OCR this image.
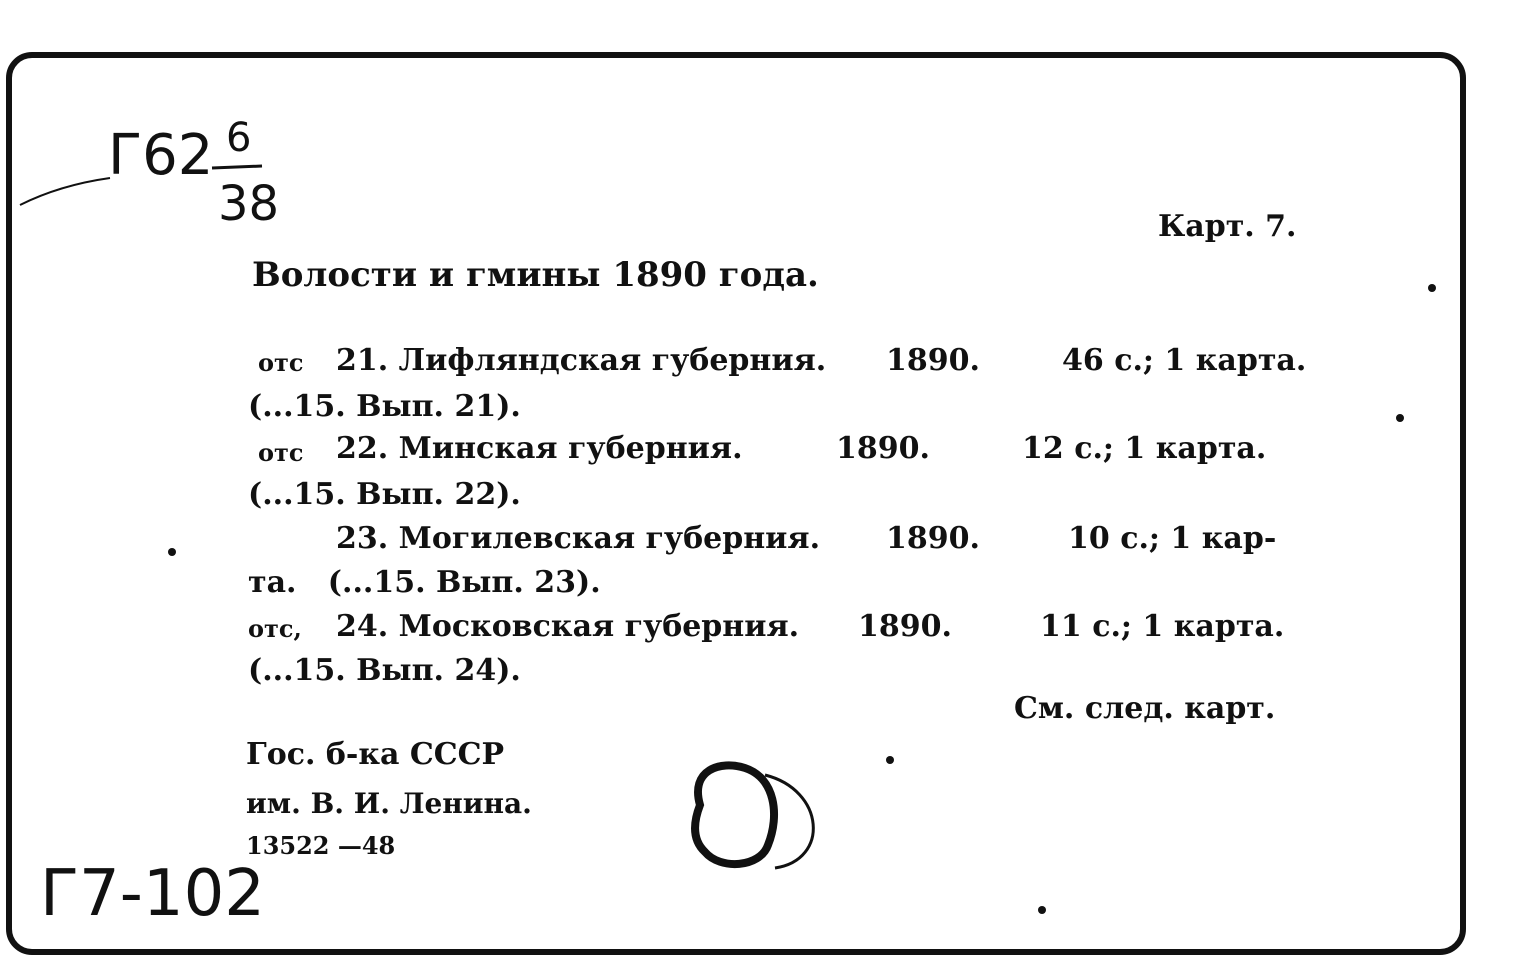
Г62 6
38	Карт. 7.
Волости и гмины 1890 года.
отс 21. Лифляндская губерния. 1890.	46 с.; 1 карта.
(...15. Вып. 21).
отс 22. Минская губерния.	1890.	12 с.; 1 карта.
(...15. Вып. 22).
23. Могилевская губерния. 1890.	10 с.; 1 кар-
та.   (...15. Вып. 23).
отс, 24. Московская губерния. 1890.	11 с.; 1 карта.
(...15. Вып. 24).
См. след. карт.
Гос. б-ка СССР
им. В. И. Ленина.
13522 —48
Г7-102
